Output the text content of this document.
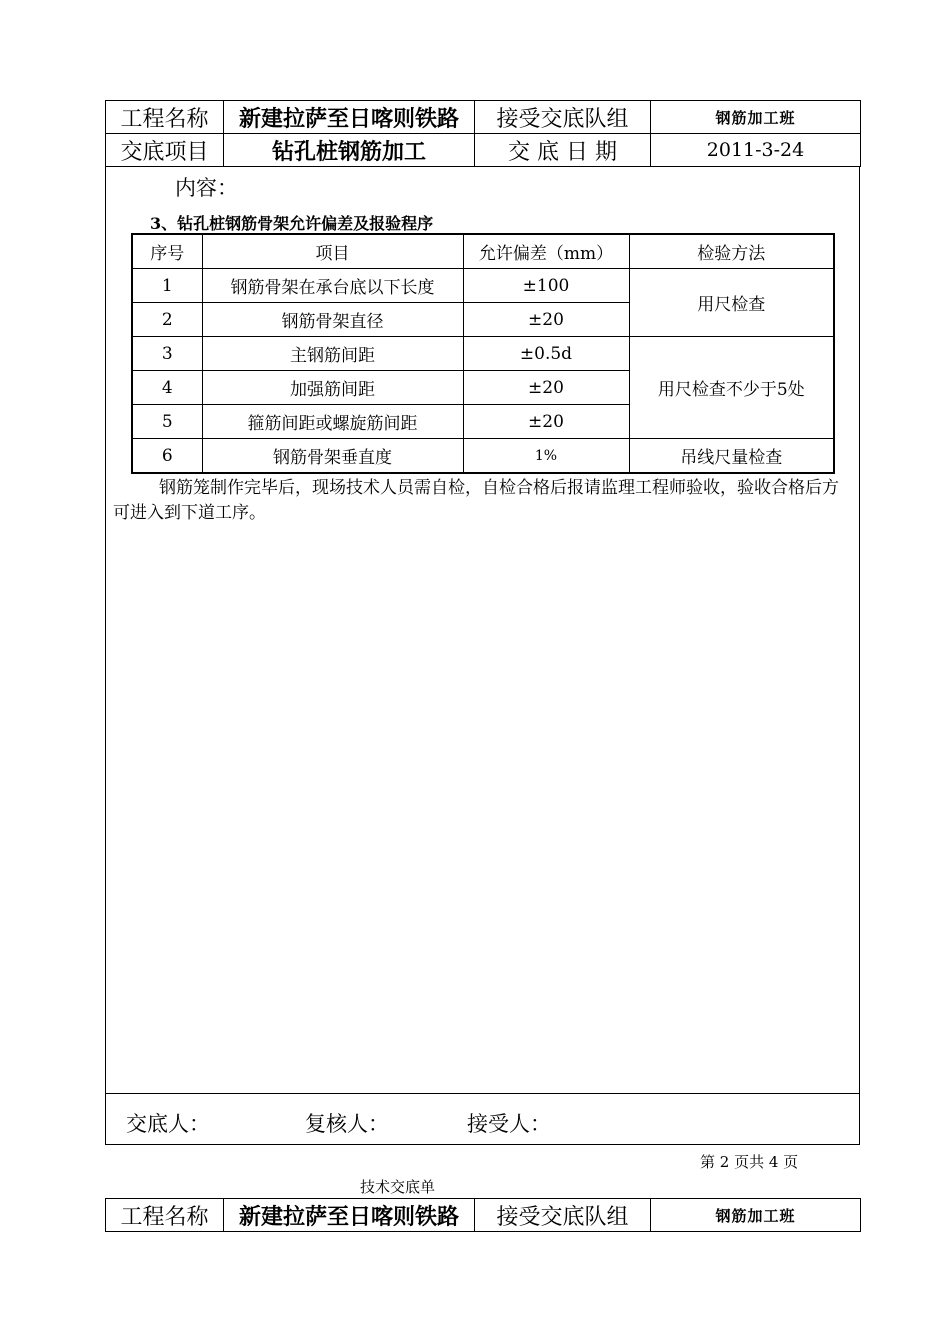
工程名称	新建拉萨至日喀则铁路	接受交底队组	钢筋加工班
交底项目	钻孔桩钢筋加工	交 底 日 期	2011-3-24
内容：
3、钻孔桩钢筋骨架允许偏差及报验程序
序号	项目	允许偏差（mm）	检验方法
1	钢筋骨架在承台底以下长度	±100	用尺检查
2	钢筋骨架直径	±20	
3	主钢筋间距	±0.5d	用尺检查不少于5处
4	加强筋间距	±20	
5	箍筋间距或螺旋筋间距	±20	
6	钢筋骨架垂直度	1%	吊线尺量检查
钢筋笼制作完毕后，现场技术人员需自检，自检合格后报请监理工程师验收，验收合格后方可进入到下道工序。
交底人：	复核人：	接受人：
第 2 页共 4 页
技术交底单
工程名称	新建拉萨至日喀则铁路	接受交底队组	钢筋加工班
